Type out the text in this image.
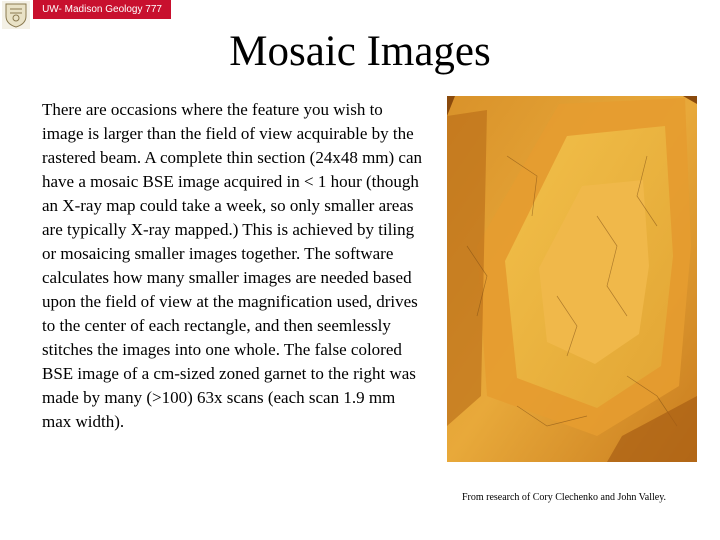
UW- Madison Geology 777
Mosaic Images

There are occasions where the feature you wish to image is larger than the field of view acquirable by the rastered beam. A complete thin section (24x48 mm) can have a mosaic BSE image acquired in < 1 hour (though an X-ray map could take a week, so only smaller areas are typically X-ray mapped.) This is achieved by tiling or mosaicing smaller images together. The software calculates how many smaller images are needed based upon the field of view at the magnification used, drives to the center of each rectangle, and then seemlessly stitches the images into one whole. The false colored BSE image of a cm-sized zoned garnet to the right was made by many (>100) 63x scans (each scan 1.9 mm max width).

From research of Cory Clechenko and John Valley.
